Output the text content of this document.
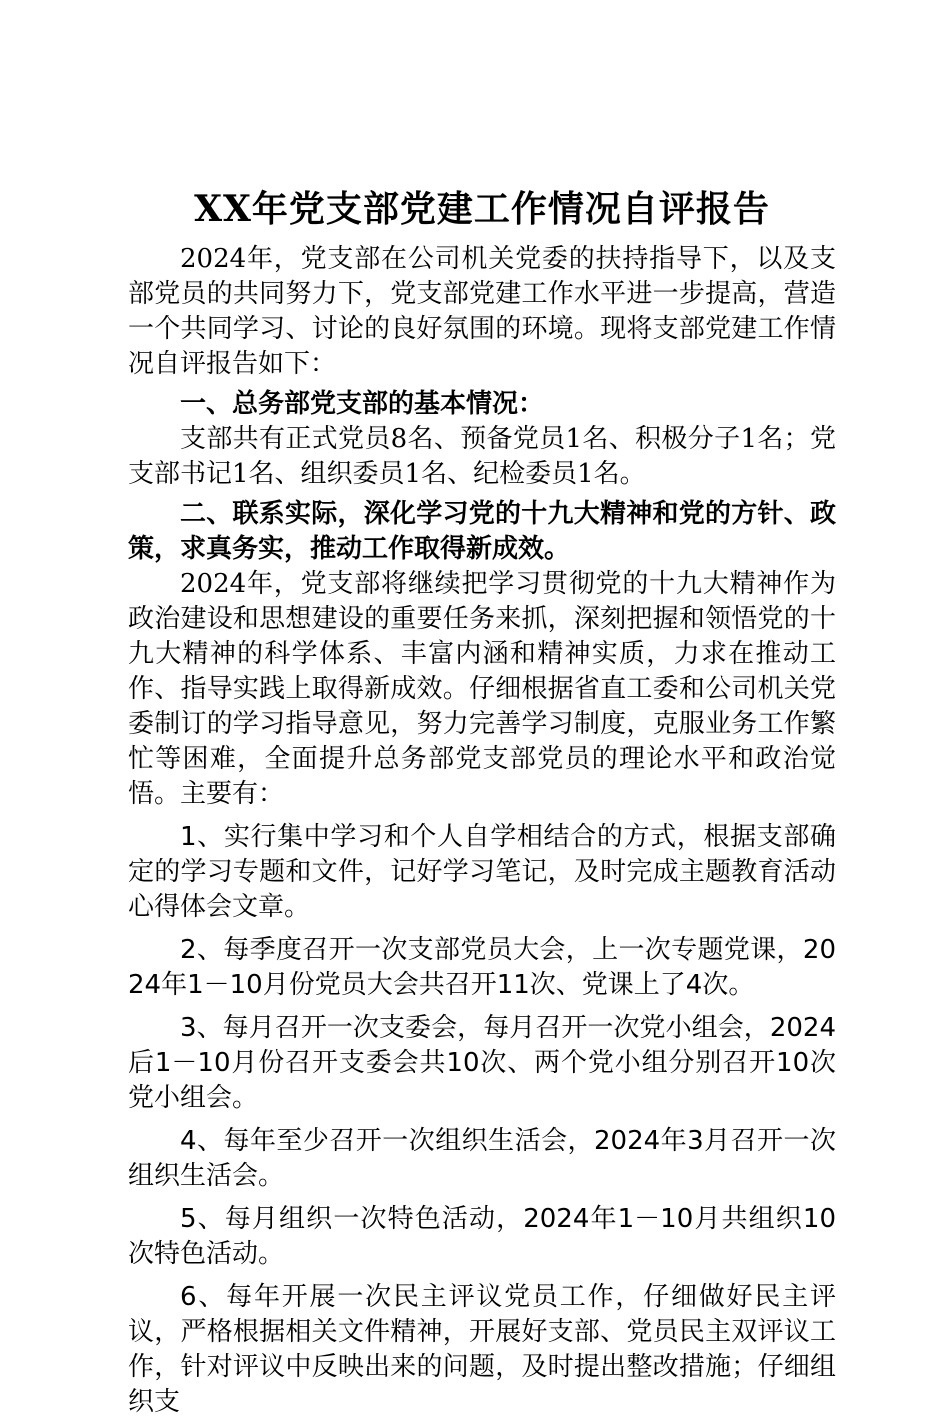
XX年党支部党建工作情况自评报告

2024年，党支部在公司机关党委的扶持指导下，以及支部党员的共同努力下，党支部党建工作水平进一步提高，营造一个共同学习、讨论的良好氛围的环境。现将支部党建工作情况自评报告如下：

一、总务部党支部的基本情况：

支部共有正式党员8名、预备党员1名、积极分子1名；党支部书记1名、组织委员1名、纪检委员1名。

二、联系实际，深化学习党的十九大精神和党的方针、政策，求真务实，推动工作取得新成效。

2024年，党支部将继续把学习贯彻党的十九大精神作为政治建设和思想建设的重要任务来抓，深刻把握和领悟党的十九大精神的科学体系、丰富内涵和精神实质，力求在推动工作、指导实践上取得新成效。仔细根据省直工委和公司机关党委制订的学习指导意见，努力完善学习制度，克服业务工作繁忙等困难，全面提升总务部党支部党员的理论水平和政治觉悟。主要有：

1、实行集中学习和个人自学相结合的方式，根据支部确定的学习专题和文件，记好学习笔记，及时完成主题教育活动心得体会文章。

2、每季度召开一次支部党员大会，上一次专题党课，2024年1－10月份党员大会共召开11次、党课上了4次。

3、每月召开一次支委会，每月召开一次党小组会，2024后1－10月份召开支委会共10次、两个党小组分别召开10次党小组会。

4、每年至少召开一次组织生活会，2024年3月召开一次组织生活会。

5、每月组织一次特色活动，2024年1－10月共组织10次特色活动。

6、每年开展一次民主评议党员工作，仔细做好民主评议，严格根据相关文件精神，开展好支部、党员民主双评议工作，针对评议中反映出来的问题，及时提出整改措施；仔细组织支
